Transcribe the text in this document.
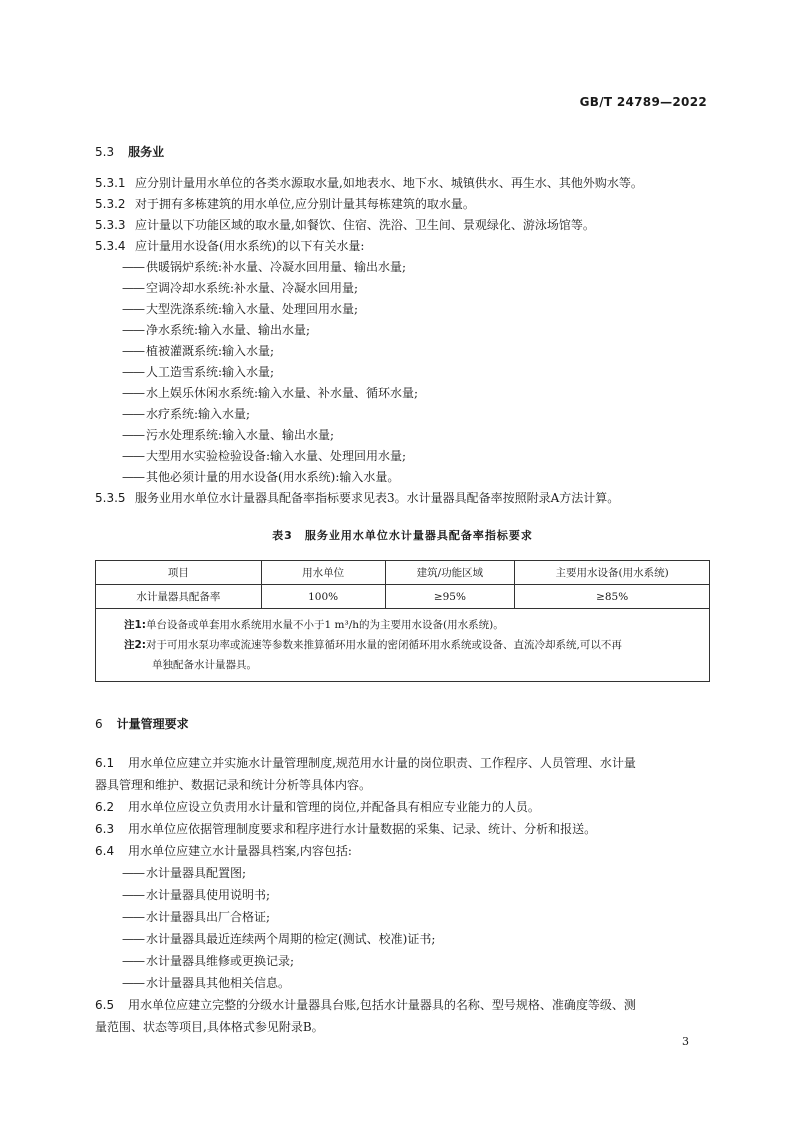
GB/T 24789—2022
5.3 服务业
5.3.1 应分别计量用水单位的各类水源取水量,如地表水、地下水、城镇供水、再生水、其他外购水等。
5.3.2 对于拥有多栋建筑的用水单位,应分别计量其每栋建筑的取水量。
5.3.3 应计量以下功能区域的取水量,如餐饮、住宿、洗浴、卫生间、景观绿化、游泳场馆等。
5.3.4 应计量用水设备(用水系统)的以下有关水量:
—— 供暖锅炉系统:补水量、冷凝水回用量、输出水量;
—— 空调冷却水系统:补水量、冷凝水回用量;
—— 大型洗涤系统:输入水量、处理回用水量;
—— 净水系统:输入水量、输出水量;
—— 植被灌溉系统:输入水量;
—— 人工造雪系统:输入水量;
—— 水上娱乐休闲水系统:输入水量、补水量、循环水量;
—— 水疗系统:输入水量;
—— 污水处理系统:输入水量、输出水量;
—— 大型用水实验检验设备:输入水量、处理回用水量;
—— 其他必须计量的用水设备(用水系统):输入水量。
5.3.5 服务业用水单位水计量器具配备率指标要求见表3。水计量器具配备率按照附录A方法计算。
表3　服务业用水单位水计量器具配备率指标要求
项目	用水单位	建筑/功能区域	主要用水设备(用水系统)
水计量器具配备率	100%	≥95%	≥85%

注1:单台设备或单套用水系统用水量不小于1 m³/h的为主要用水设备(用水系统)。
注2:对于可用水泵功率或流速等参数来推算循环用水量的密闭循环用水系统或设备、直流冷却系统,可以不再
单独配备水计量器具。			
6 计量管理要求
6.1 用水单位应建立并实施水计量管理制度,规范用水计量的岗位职责、工作程序、人员管理、水计量
器具管理和维护、数据记录和统计分析等具体内容。
6.2 用水单位应设立负责用水计量和管理的岗位,并配备具有相应专业能力的人员。
6.3 用水单位应依据管理制度要求和程序进行水计量数据的采集、记录、统计、分析和报送。
6.4 用水单位应建立水计量器具档案,内容包括:
—— 水计量器具配置图;
—— 水计量器具使用说明书;
—— 水计量器具出厂合格证;
—— 水计量器具最近连续两个周期的检定(测试、校准)证书;
—— 水计量器具维修或更换记录;
—— 水计量器具其他相关信息。
6.5 用水单位应建立完整的分级水计量器具台账,包括水计量器具的名称、型号规格、准确度等级、测
量范围、状态等项目,具体格式参见附录B。
3
